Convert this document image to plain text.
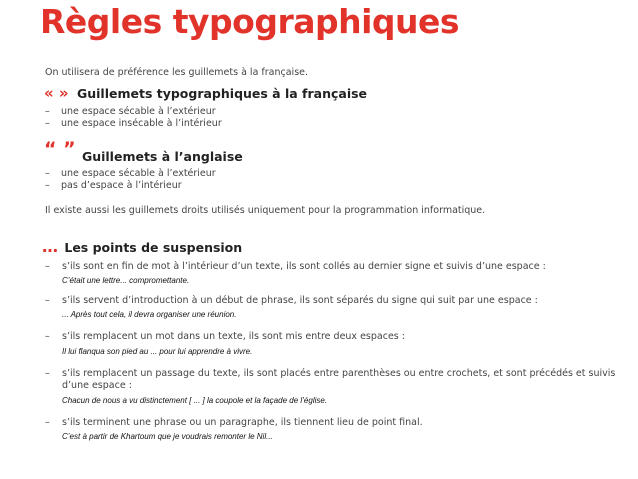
Règles typographiques
On utilisera de préférence les guillemets à la française.
« » Guillemets typographiques à la française
– une espace sécable à l’extérieur
– une espace insécable à l’intérieur
“ ” Guillemets à l’anglaise
– une espace sécable à l’extérieur
– pas d’espace à l’intérieur
Il existe aussi les guillemets droits utilisés uniquement pour la programmation informatique.
… Les points de suspension
– s’ils sont en fin de mot à l’intérieur d’un texte, ils sont collés au dernier signe et suivis d’une espace :
C’était une lettre... compromettante.
– s’ils servent d’introduction à un début de phrase, ils sont séparés du signe qui suit par une espace :
... Après tout cela, il devra organiser une réunion.
– s’ils remplacent un mot dans un texte, ils sont mis entre deux espaces :
Il lui flanqua son pied au ... pour lui apprendre à vivre.
– s’ils remplacent un passage du texte, ils sont placés entre parenthèses ou entre crochets, et sont précédés et suivis d’une espace :
Chacun de nous a vu distinctement [ ... ] la coupole et la façade de l’église.
– s’ils terminent une phrase ou un paragraphe, ils tiennent lieu de point final.
C’est à partir de Khartoum que je voudrais remonter le Nil...
